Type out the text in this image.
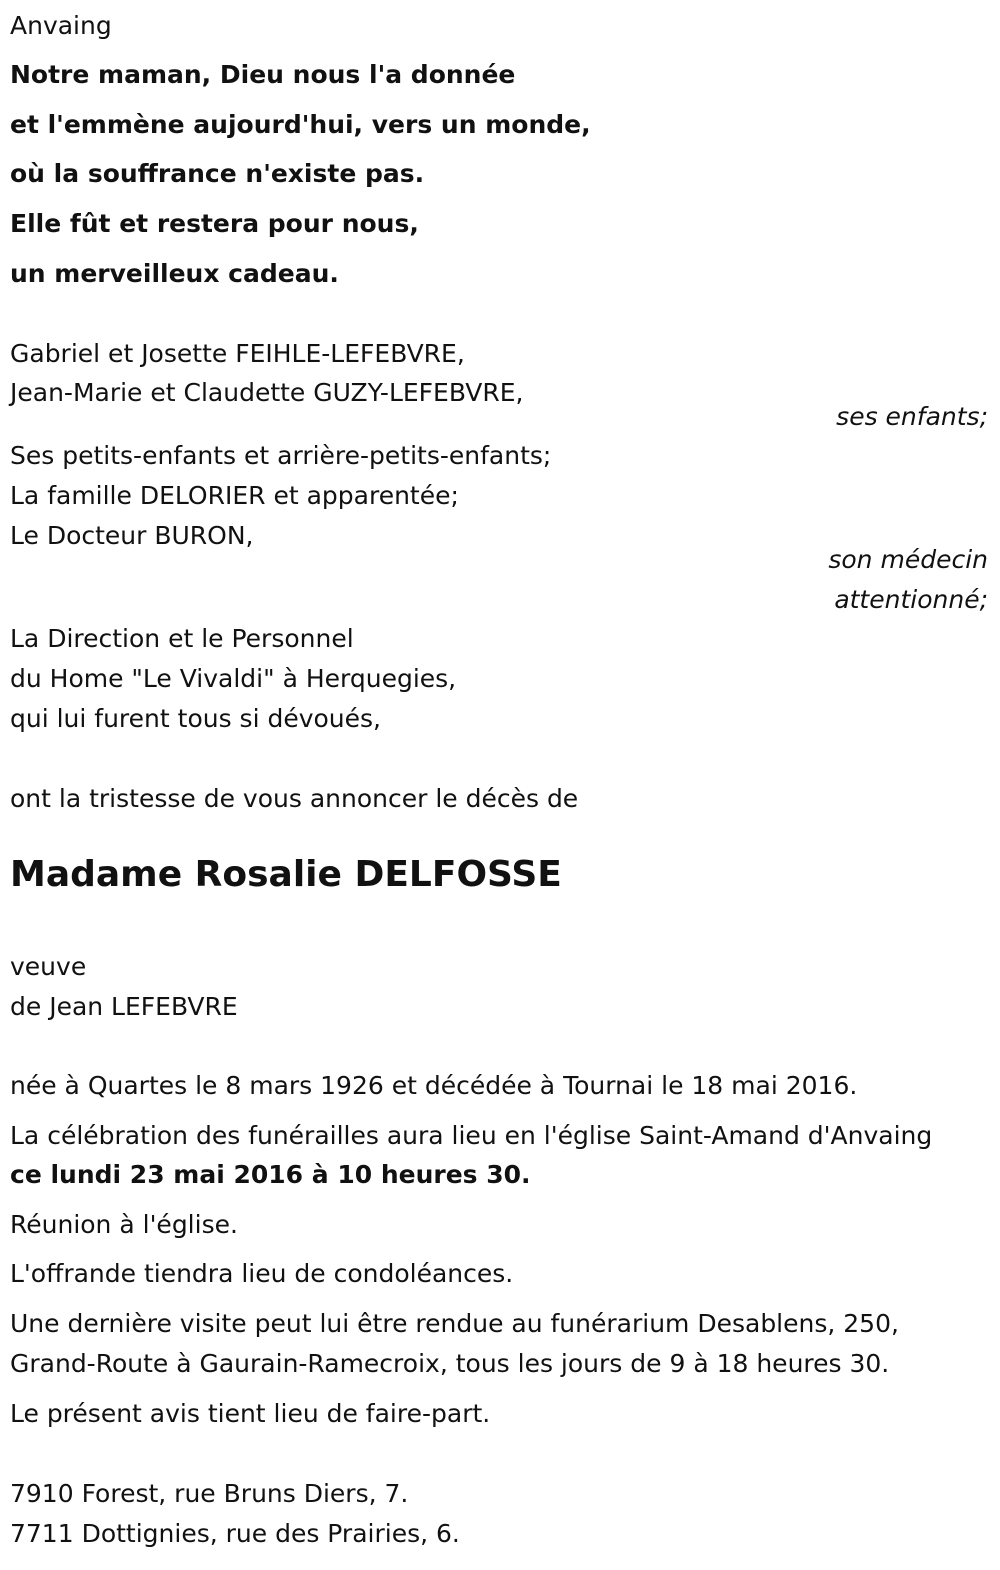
Anvaing
Notre maman, Dieu nous l'a donnée
et l'emmène aujourd'hui, vers un monde,
où la souffrance n'existe pas.
Elle fût et restera pour nous,
un merveilleux cadeau.
Gabriel et Josette FEIHLE-LEFEBVRE,
Jean-Marie et Claudette GUZY-LEFEBVRE,
ses enfants;
Ses petits-enfants et arrière-petits-enfants;
La famille DELORIER et apparentée;
Le Docteur BURON,
son médecin
attentionné;
La Direction et le Personnel
du Home "Le Vivaldi" à Herquegies,
qui lui furent tous si dévoués,
ont la tristesse de vous annoncer le décès de
Madame Rosalie DELFOSSE
veuve
de Jean LEFEBVRE
née à Quartes le 8 mars 1926 et décédée à Tournai le 18 mai 2016.
La célébration des funérailles aura lieu en l'église Saint-Amand d'Anvaing
ce lundi 23 mai 2016 à 10 heures 30.
Réunion à l'église.
L'offrande tiendra lieu de condoléances.
Une dernière visite peut lui être rendue au funérarium Desablens, 250,
Grand-Route à Gaurain-Ramecroix, tous les jours de 9 à 18 heures 30.
Le présent avis tient lieu de faire-part.
7910 Forest, rue Bruns Diers, 7.
7711 Dottignies, rue des Prairies, 6.
